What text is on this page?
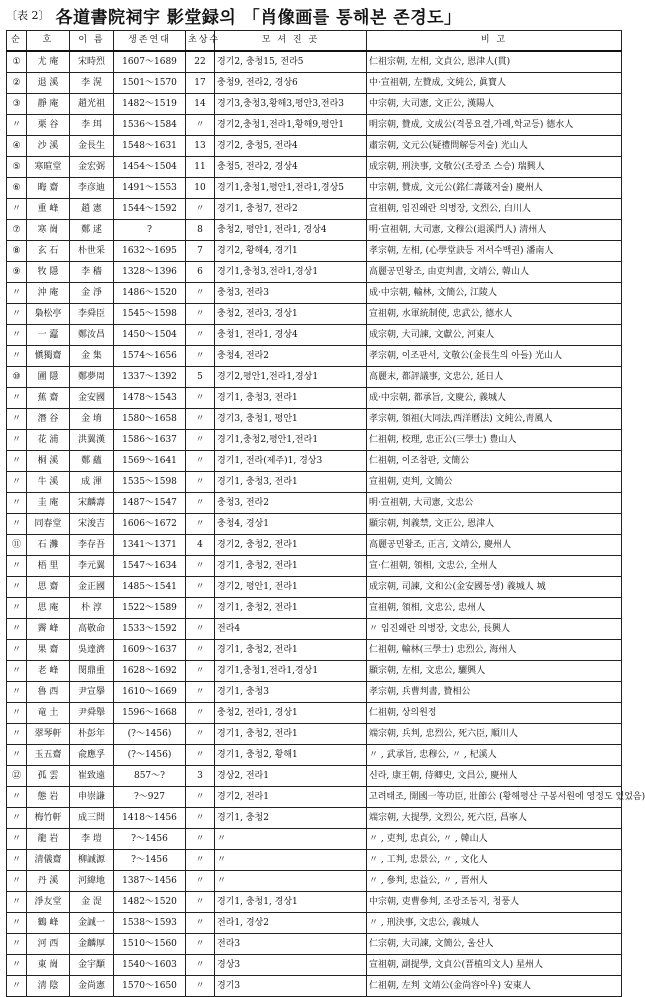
〔表 2〕 各道書院祠宇 影堂録의 「肖像画를 통해본 존경도」
순	호	이 름	생존연대	초상수	모 셔 진 곳	비 고
①	尤 庵	宋時烈	1607～1689	22	경기2, 충청15, 전라5	仁祖宗朝, 左相, 文貞公, 恩津人(貫)
②	退 溪	李 滉	1501～1570	17	충청9, 전라2, 경상6	中·宣祖朝, 左贊成, 文純公, 眞寶人
③	靜 庵	趙光祖	1482～1519	14	경기3,충청3,황해3,평안3,전라3	中宗朝, 大司憲, 文正公, 漢陽人
〃	栗 谷	李 珥	1536～1584	〃	경기2,충청1,전라1,황해9,평안1	明宗朝, 贊成, 文成公(격몽요결,가례,학교등) 德水人
④	沙 溪	金長生	1548～1631	13	경기2, 충청5, 전라4	肅宗朝, 文元公(疑禮問解등저술) 光山人
⑤	寒暄堂	金宏弼	1454～1504	11	충청5, 전라2, 경상4	成宗朝, 刑決事, 文敬公(조광조 스승) 瑞興人
⑥	晦 齋	李彦迪	1491～1553	10	경기1,충청1,평안1,전라1,경상5	中宗朝, 贊成, 文元公(銘仁壽箴저술) 慶州人
〃	重 峰	趙 憲	1544～1592	〃	경기1, 충청7, 전라2	宣祖朝, 임진왜란 의병장, 文烈公, 白川人
⑦	寒 崗	鄭 逑	?	8	충청2, 평안1, 전라1, 경상4	明·宣祖朝, 大司憲, 文穆公(退溪門人) 淸州人
⑧	玄 石	朴世采	1632～1695	7	경기2, 황해4, 경기1	孝宗朝, 左相, (心學堂訣등 저서수백권) 潘南人
⑨	牧 隱	李 穡	1328～1396	6	경기1,충청3,전라1,경상1	高麗공민왕조, 由吏判書, 文靖公, 韓山人
〃	沖 庵	金 淨	1486～1520	〃	충청3, 전라3	成·中宗朝, 輸林, 文簡公, 江陵人
〃	梟松亭	李舜臣	1545～1598	〃	충청2, 전라3, 경상1	宣祖朝, 水軍統制使, 忠武公, 德水人
〃	一 蠧	鄭汝昌	1450～1504	〃	충청1, 전라1, 경상4	成宗朝, 大司諫, 文獻公, 河東人
〃	愼獨齋	金 集	1574～1656	〃	충청4, 전라2	孝宗朝, 이조판서, 文敬公(金長生의 아들) 光山人
⑩	圃 隱	鄭夢周	1337～1392	5	경기2,평안1,전라1,경상1	高麗末, 都評議事, 文忠公, 延日人
〃	蕉 齋	金安國	1478～1543	〃	경기1, 충청3, 전라1	成·中宗朝, 都承旨, 文慶公, 義城人
〃	潛 谷	金 堉	1580～1658	〃	경기3, 충청1, 평안1	孝宗朝, 領祖(大同法,西洋曆法) 文純公,靑風人
〃	花 浦	洪翼漢	1586～1637	〃	경기1,충청2,평안1,전라1	仁祖朝, 校理, 忠正公(三學士) 豊山人
〃	桐 溪	鄭 蘊	1569～1641	〃	경기1, 전라(제주)1, 경상3	仁祖朝, 이조참판, 文簡公
〃	牛 溪	成 渾	1535～1598	〃	경기1, 충청3, 전라1	宣祖朝, 吏判, 文簡公
〃	圭 庵	宋麟壽	1487～1547	〃	충청3, 전라2	明·宣祖朝, 大司憲, 文忠公
〃	同春堂	宋浚吉	1606～1672	〃	충청4, 경상1	顯宗朝, 判義禁, 文正公, 恩津人
⑪	石 灘	李存吾	1341～1371	4	경기2, 충청2, 전라1	高麗공민왕조, 正言, 文靖公, 慶州人
〃	梧 里	李元翼	1547～1634	〃	경기1, 충청2, 전라1	宣·仁祖朝, 領相, 文忠公, 全州人
〃	思 齋	金正國	1485～1541	〃	경기2, 평안1, 전라1	成宗朝, 司諫, 文和公(金安國동생) 義城人 城
〃	思 庵	朴 淳	1522～1589	〃	경기1, 충청2, 전라1	宣祖朝, 領相, 文忠公, 忠州人
〃	霽 峰	高敬命	1533～1592	〃	전라4	〃 임진왜란 의병장, 文忠公, 長興人
〃	果 齋	吳達濟	1609～1637	〃	경기1, 충청2, 전라1	仁祖朝, 輸林(三學士) 忠烈公, 海州人
〃	老 峰	閔鼎重	1628～1692	〃	경기1,충청1,전라1,경상1	顯宗朝, 左相, 文忠公, 驪興人
〃	魯 西	尹宣擧	1610～1669	〃	경기1, 충청3	孝宗朝, 兵曹判書, 贊相公
〃	竜 土	尹舜舉	1596～1668	〃	충청2, 전라1, 경상1	仁祖朝, 상의원정
〃	翠琴軒	朴彭年	(?～1456)	〃	경기1, 충청2, 전라1	端宗朝, 兵判, 忠烈公, 死六臣, 順川人
〃	玉五齋	兪應孚	(?～1456)	〃	경기1, 충청2, 황해1	〃 , 武承旨, 忠穆公, 〃 , 杞溪人
⑫	孤 雲	崔致遠	857～?	3	경상2, 전라1	신라, 康王朝, 侍卿史, 文昌公, 慶州人
〃	態 岩	申崇謙	?～927	〃	경기2, 전라1	고려태조, 開國一等功臣, 壯節公 (황해평산 구봉서원에 영정도 있었음)
〃	梅竹軒	成三問	1418～1456	〃	경기1, 충청2	端宗朝, 大提學, 文烈公, 死六臣, 昌寧人
〃	龍 岩	李 塏	?～1456	〃	〃	〃 , 吏判, 忠貞公, 〃 , 韓山人
〃	淸儀齋	柳誠源	?～1456	〃	〃	〃 , 工判, 忠景公, 〃 , 文化人
〃	丹 溪	河緯地	1387～1456	〃	〃	〃 , 參判, 忠益公, 〃 , 晋州人
〃	淨友堂	金 湜	1482～1520	〃	경기1, 충청1, 경상1	中宗朝, 吏曹參判, 조광조동지, 청풍人
〃	鶴 峰	金誠一	1538～1593	〃	전라1, 경상2	〃 , 刑決事, 文忠公, 義城人
〃	河 西	金麟厚	1510～1560	〃	전라3	仁宗朝, 大司諫, 文簡公, 울산人
〃	東 崗	金宇顒	1540～1603	〃	경상3	宣祖朝, 副提學, 文貞公(晋植의文人) 星州人
〃	淸 陰	金尚憲	1570～1650	〃	경기3	仁祖朝, 左判 文靖公(金尚容아우) 安東人
